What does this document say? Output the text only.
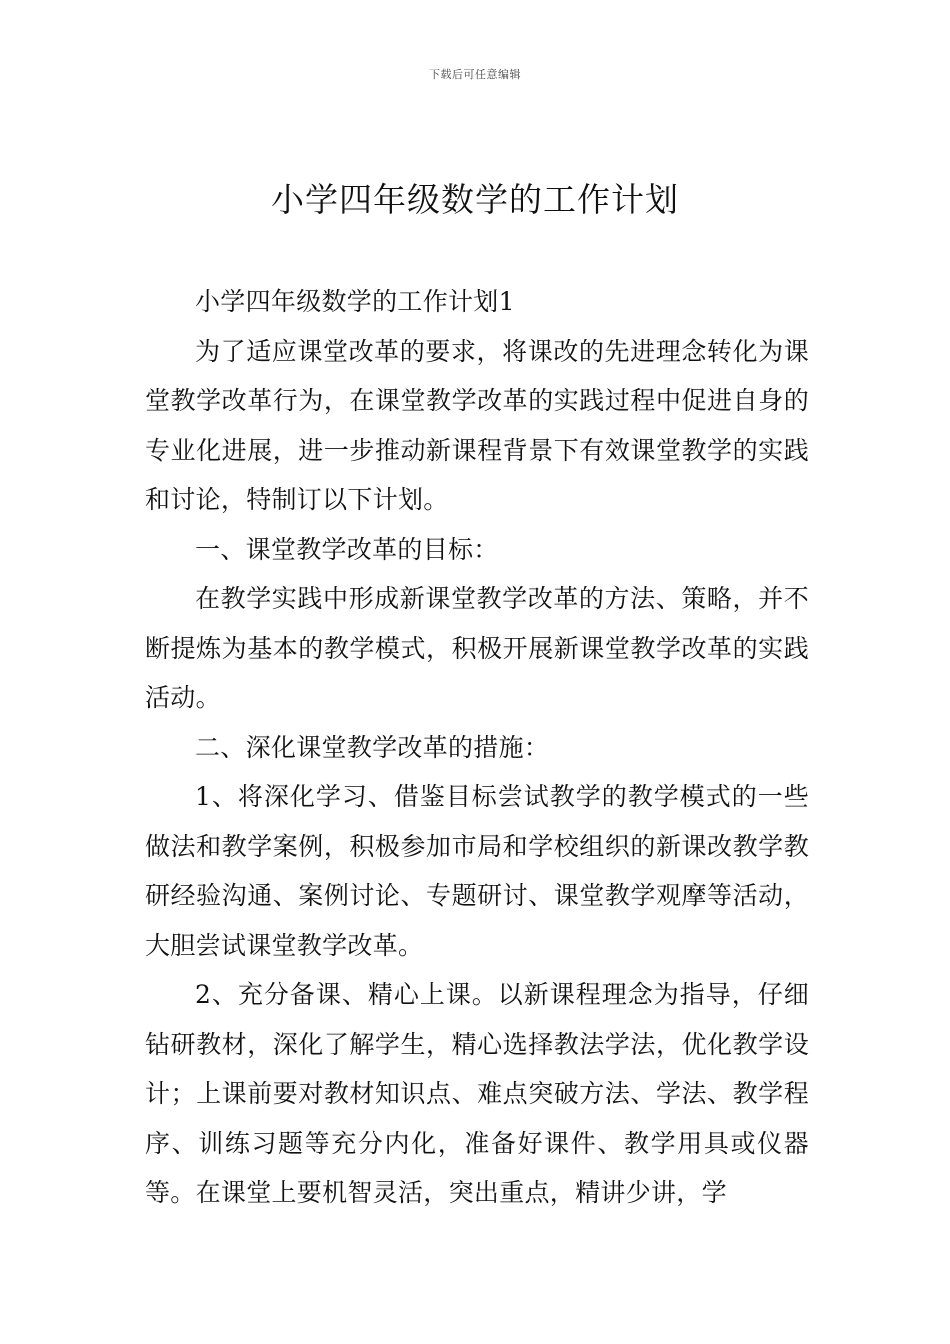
下载后可任意编辑
小学四年级数学的工作计划

小学四年级数学的工作计划1

为了适应课堂改革的要求，将课改的先进理念转化为课堂教学改革行为，在课堂教学改革的实践过程中促进自身的专业化进展，进一步推动新课程背景下有效课堂教学的实践和讨论，特制订以下计划。

一、课堂教学改革的目标：

在教学实践中形成新课堂教学改革的方法、策略，并不断提炼为基本的教学模式，积极开展新课堂教学改革的实践活动。

二、深化课堂教学改革的措施：

1、将深化学习、借鉴目标尝试教学的教学模式的一些做法和教学案例，积极参加市局和学校组织的新课改教学教研经验沟通、案例讨论、专题研讨、课堂教学观摩等活动，大胆尝试课堂教学改革。

2、充分备课、精心上课。以新课程理念为指导，仔细钻研教材，深化了解学生，精心选择教法学法，优化教学设计；上课前要对教材知识点、难点突破方法、学法、教学程序、训练习题等充分内化，准备好课件、教学用具或仪器等。在课堂上要机智灵活，突出重点，精讲少讲，学
